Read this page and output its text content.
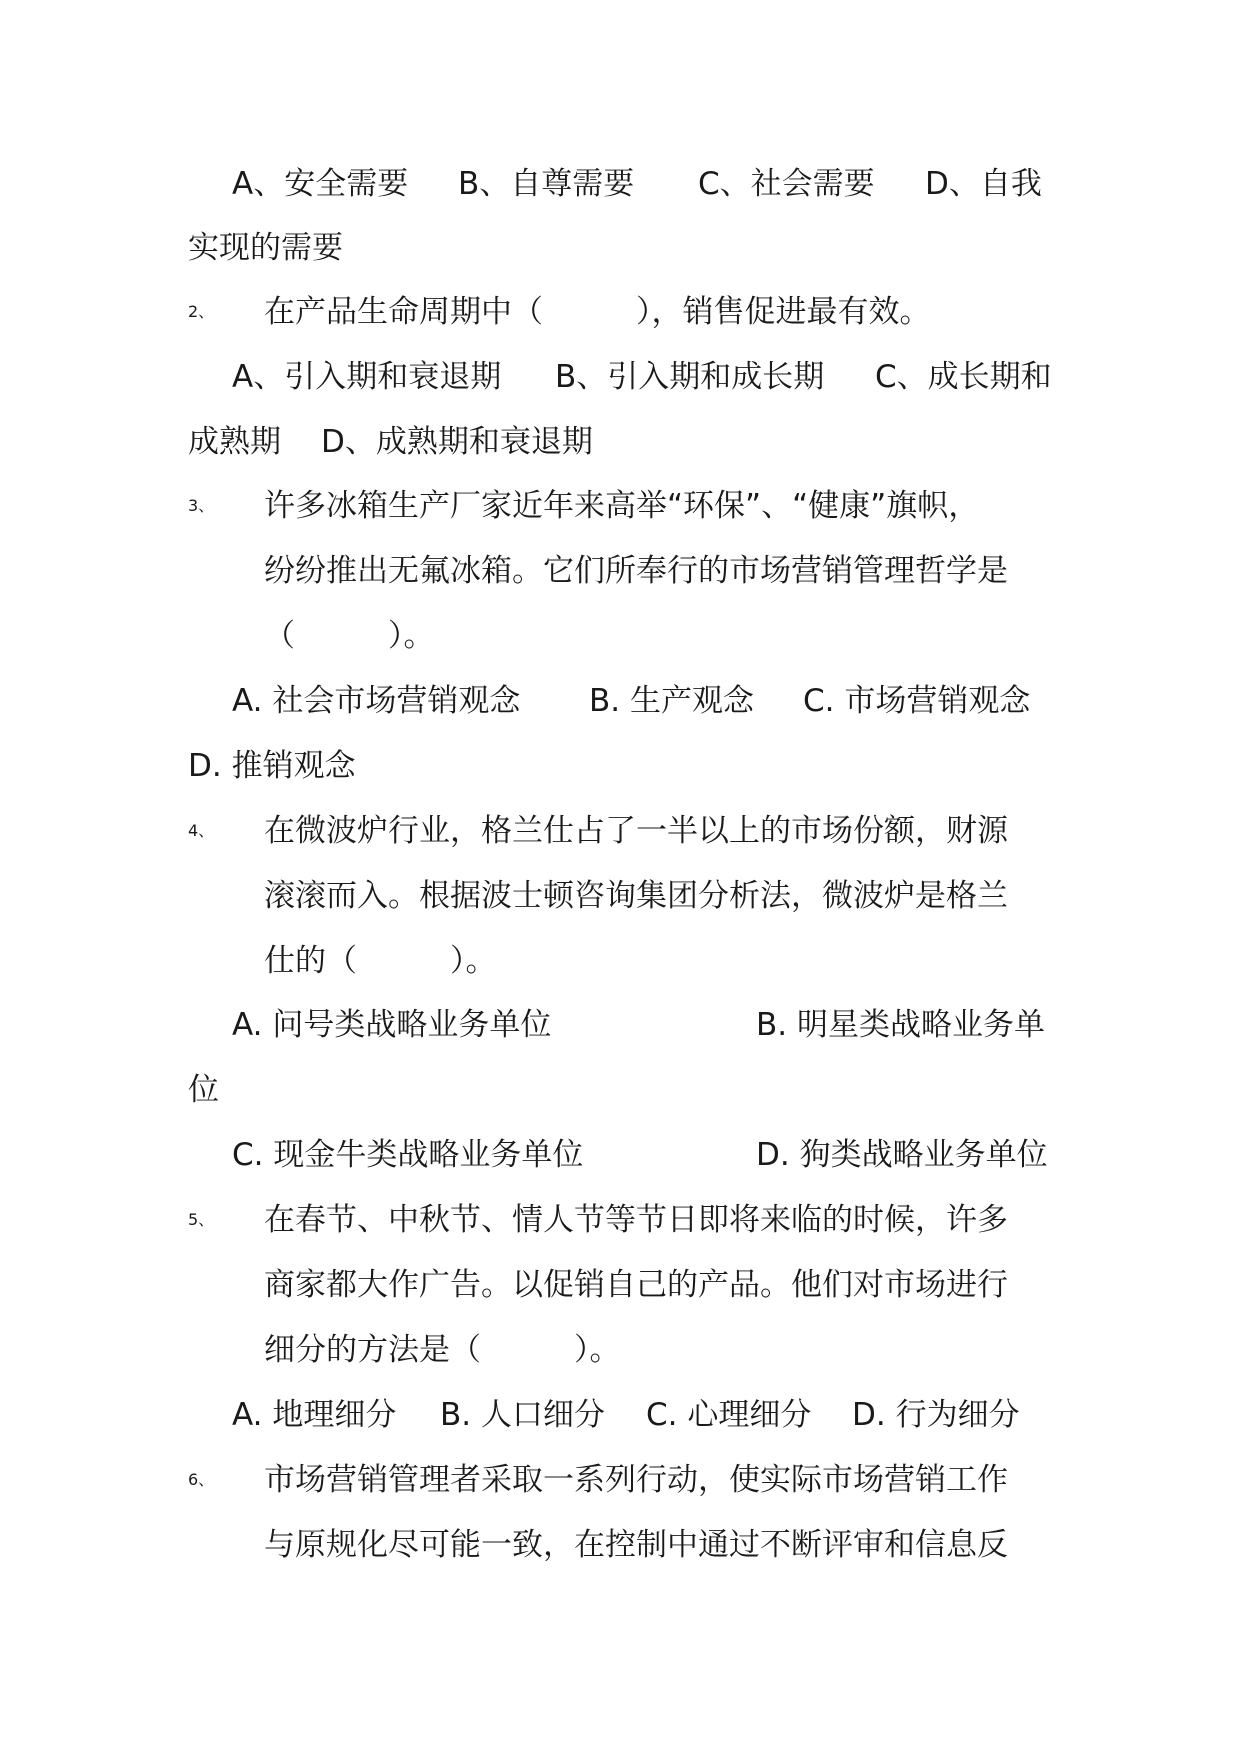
A、安全需要 B、自尊需要 C、社会需要 D、自我
实现的需要
2、 在产品生命周期中（　　　），销售促进最有效。
A、引入期和衰退期 B、引入期和成长期 C、成长期和
成熟期 D、成熟期和衰退期
3、 许多冰箱生产厂家近年来高举“环保”、“健康”旗帜，
纷纷推出无氟冰箱。它们所奉行的市场营销管理哲学是
（　　　）。
A. 社会市场营销观念 B. 生产观念 C. 市场营销观念
D. 推销观念
4、 在微波炉行业，格兰仕占了一半以上的市场份额，财源
滚滚而入。根据波士顿咨询集团分析法，微波炉是格兰
仕的（　　　）。
A. 问号类战略业务单位	B. 明星类战略业务单
位
C. 现金牛类战略业务单位	D. 狗类战略业务单位
5、 在春节、中秋节、情人节等节日即将来临的时候，许多
商家都大作广告。以促销自己的产品。他们对市场进行
细分的方法是（　　　）。
A. 地理细分 B. 人口细分 C. 心理细分 D. 行为细分
6、 市场营销管理者采取一系列行动，使实际市场营销工作
与原规化尽可能一致，在控制中通过不断评审和信息反
